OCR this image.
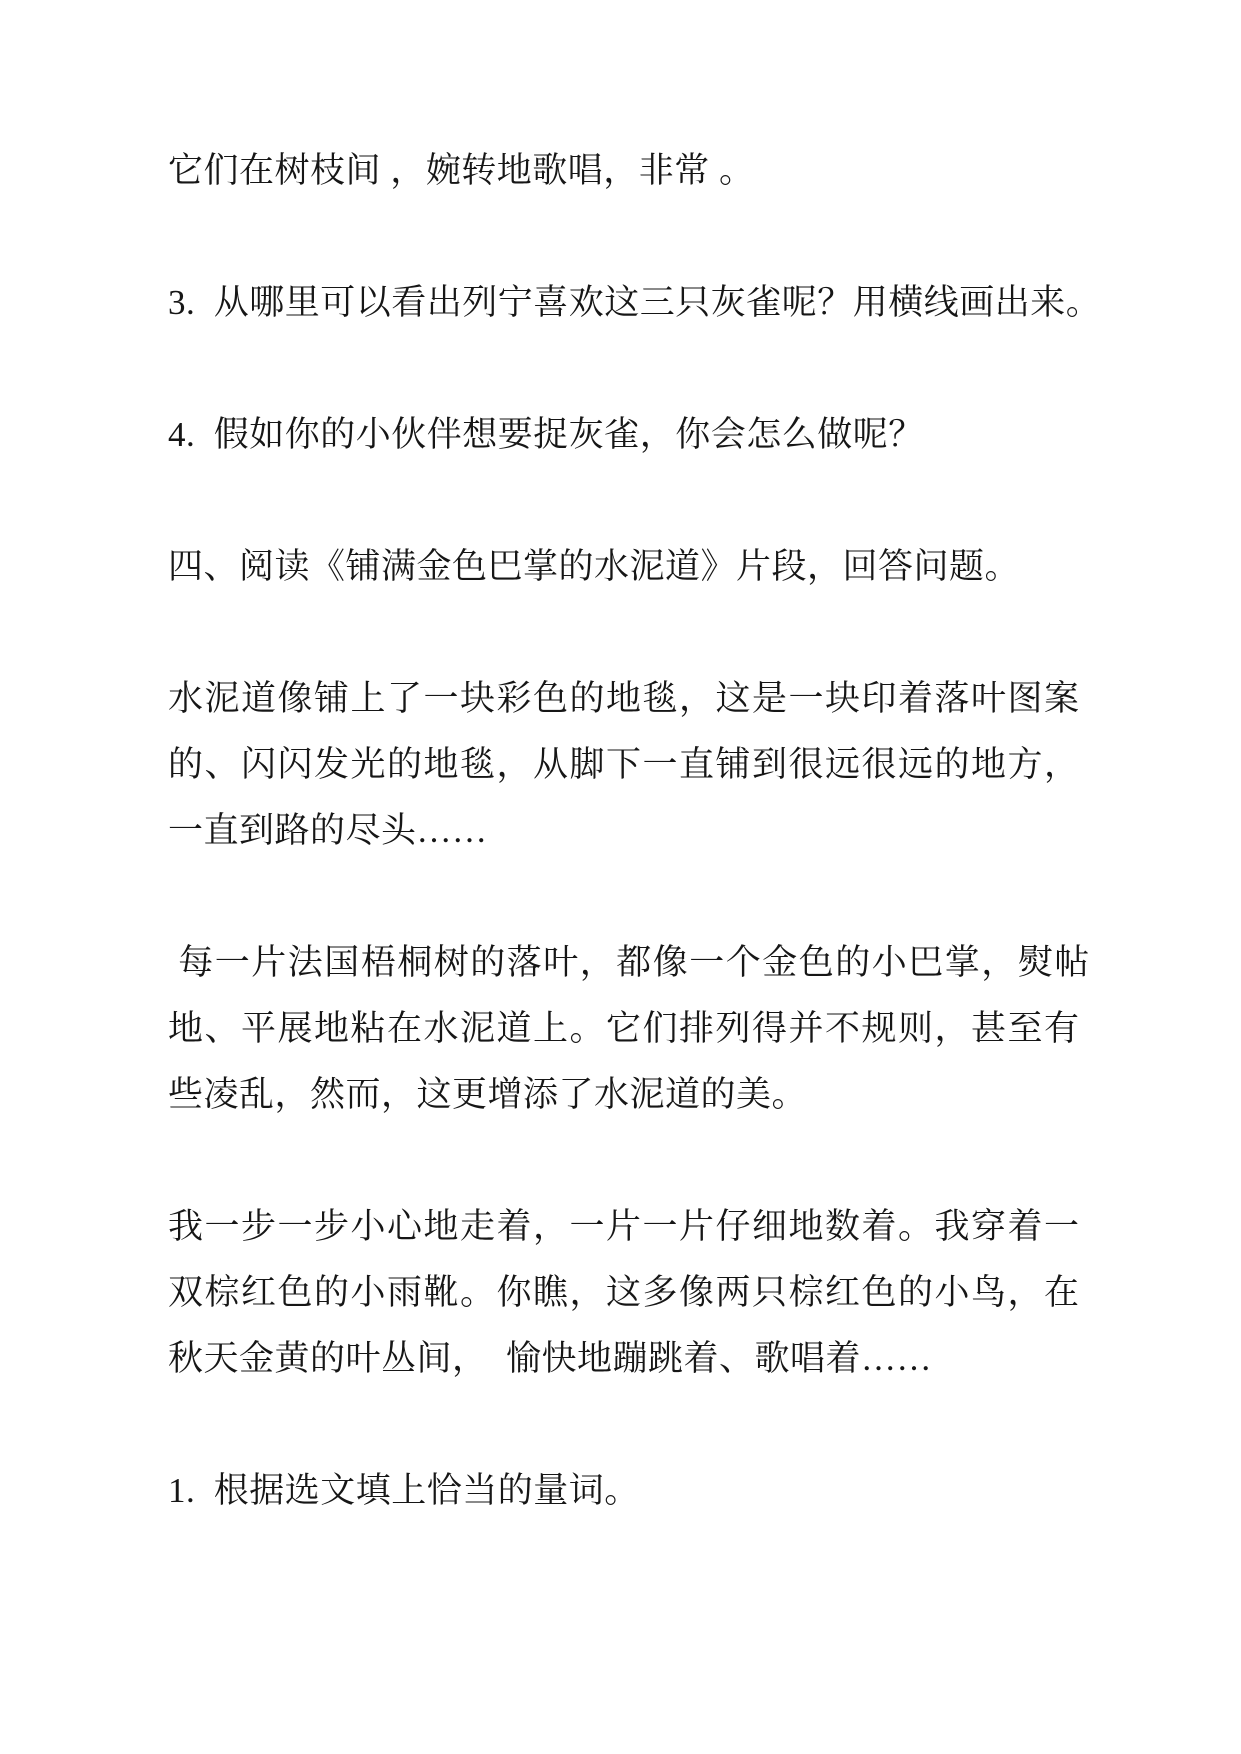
它们在树枝间 ，婉转地歌唱，非常 。
3.  从哪里可以看出列宁喜欢这三只灰雀呢？用横线画出来。
4.  假如你的小伙伴想要捉灰雀，你会怎么做呢？
四、阅读《铺满金色巴掌的水泥道》片段，回答问题。
水泥道像铺上了一块彩色的地毯，这是一块印着落叶图案
的、闪闪发光的地毯，从脚下一直铺到很远很远的地方，
一直到路的尽头……
每一片法国梧桐树的落叶，都像一个金色的小巴掌，熨帖
地、平展地粘在水泥道上。它们排列得并不规则，甚至有
些凌乱，然而，这更增添了水泥道的美。
我一步一步小心地走着，一片一片仔细地数着。我穿着一
双棕红色的小雨靴。你瞧，这多像两只棕红色的小鸟，在
秋天金黄的叶丛间，  愉快地蹦跳着、歌唱着……
1.  根据选文填上恰当的量词。
